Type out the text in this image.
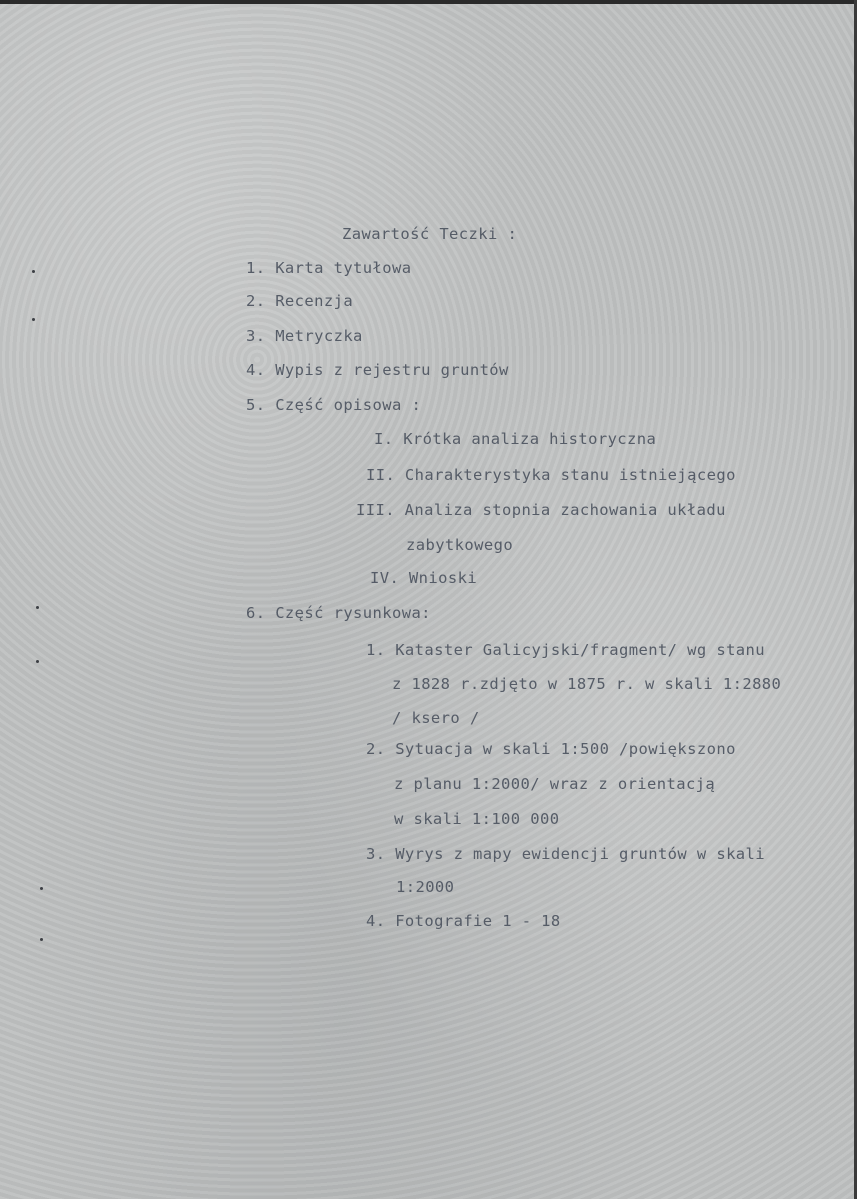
Zawartość Teczki :
1. Karta tytułowa
2. Recenzja
3. Metryczka
4. Wypis z rejestru gruntów
5. Część opisowa :
I. Krótka analiza historyczna
II. Charakterystyka stanu istniejącego
III. Analiza stopnia zachowania układu
zabytkowego
IV. Wnioski
6. Część rysunkowa:
1. Kataster Galicyjski/fragment/ wg stanu
z 1828 r.zdjęto w 1875 r. w skali 1:2880
/ ksero /
2. Sytuacja w skali 1:500 /powiększono
z planu 1:2000/ wraz z orientacją
w skali 1:100 000
3. Wyrys z mapy ewidencji gruntów w skali
1:2000
4. Fotografie 1 - 18
